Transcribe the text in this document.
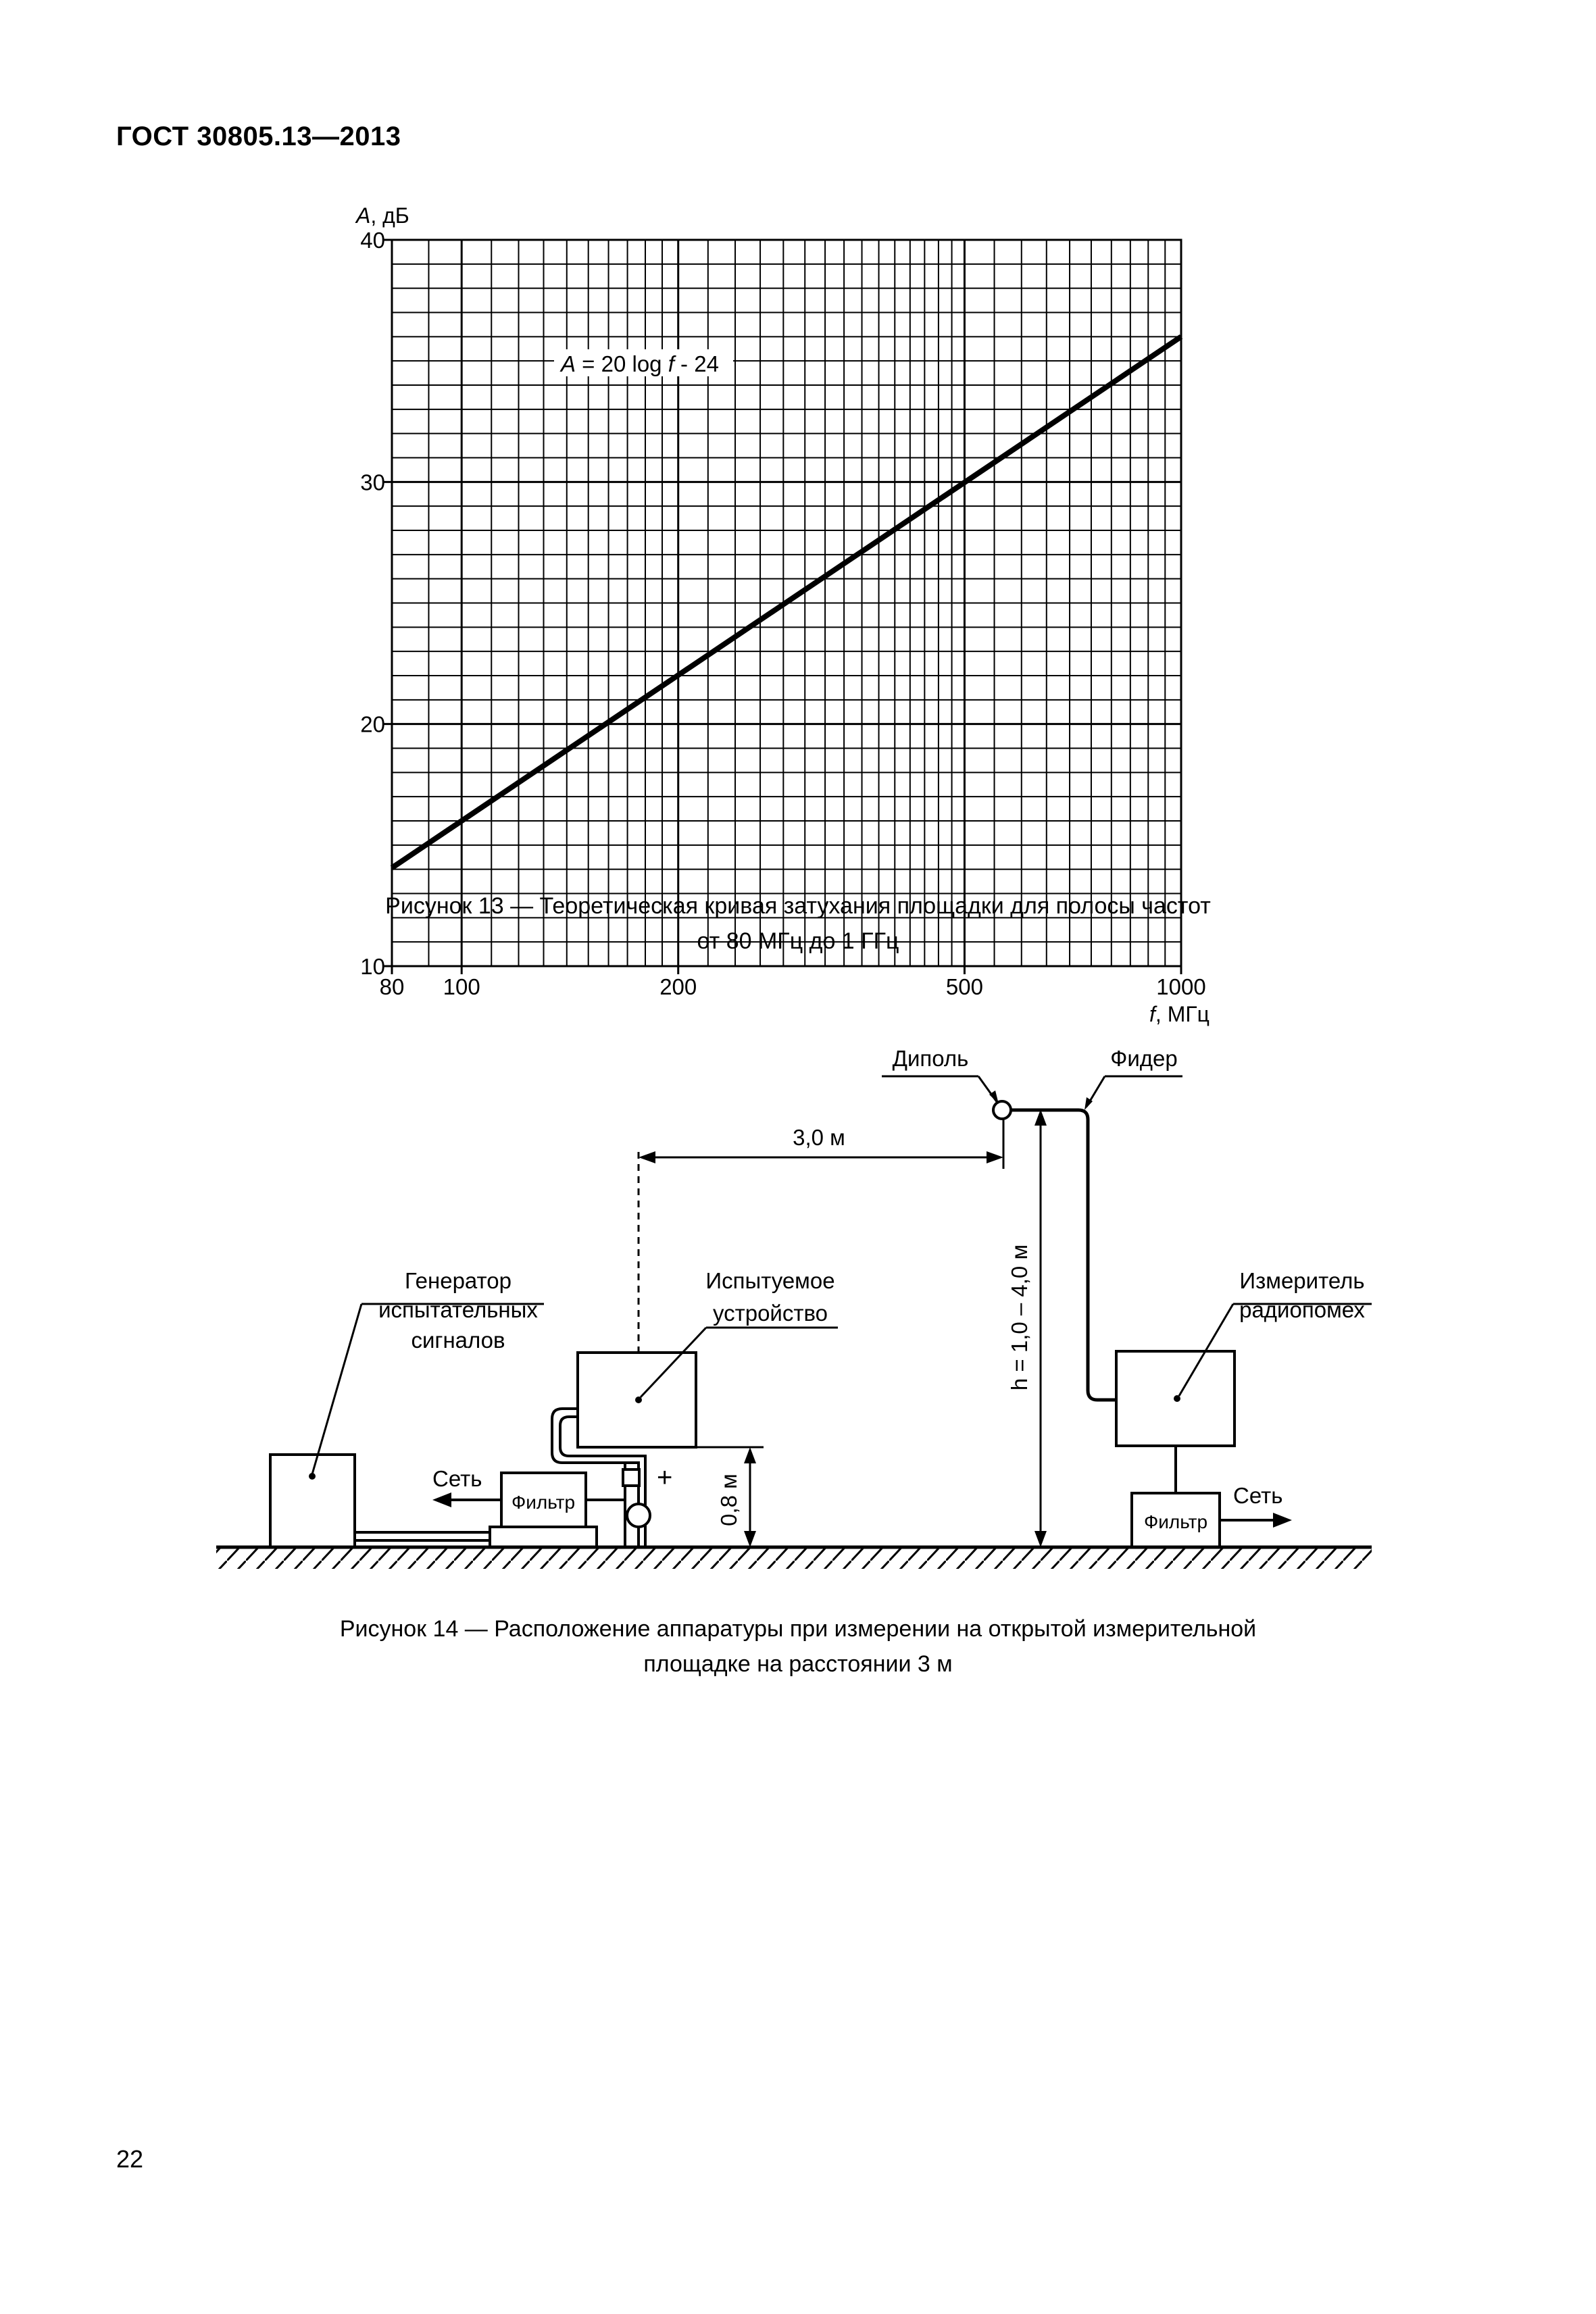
ГОСТ 30805.13—2013
10
20
30
40
80 100	200	500	1000
A, дБ
f, МГц
A = 20 log f - 24
Рисунок 13 — Теоретическая кривая затухания площадки для полосы частот
от 80 МГц до 1 ГГц
Генератор
испытательных
сигналов
Фильтр
Сеть
Испытуемое
устройство
+ 0,8 м
3,0 м
h = 1,0 – 4,0 м
Диполь	Фидер
Измеритель
радиопомех
Фильтр
Сеть
Рисунок 14 — Расположение аппаратуры при измерении на открытой измерительной
площадке на расстоянии 3 м
22
